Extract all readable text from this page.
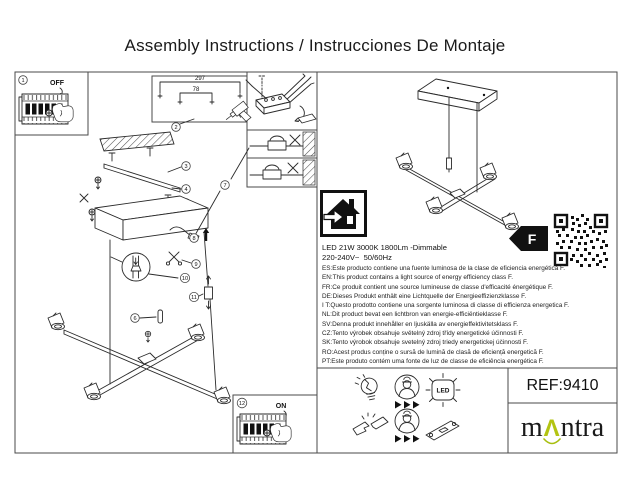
Assembly Instructions / Instrucciones De Montaje
1	OFF
297
78
2
3
4
7
8
10
11
9
6
12	ON
F
LED
LED 21W 3000K 1800Lm -Dimmable
220-240V~  50/60Hz
ES:Este producto contiene una fuente luminosa de la clase de eficiencia energética F.
EN:This product contains a light source of energy efficiency class F.
FR:Ce produit contient une source lumineuse de classe d'efficacité énergétique F.
DE:Dieses Produkt enthält eine Lichtquelle der Energieeffizienzklasse F.
I T:Questo prodotto contiene una sorgente luminosa di classe di efficienza energetica F.
NL:Dit product bevat een lichtbron van energie-efficiëntieklasse F.
SV:Denna produkt innehåller en ljuskälla av energieffektivitetsklass F.
CZ:Tento výrobek obsahuje světelný zdroj třídy energetické účinnosti F.
SK:Tento výrobok obsahuje svetelný zdroj triedy energetickej účinnosti F.
RO:Acest produs conține o sursă de lumină de clasă de eficiență energetică F.
PT:Este produto contém uma fonte de luz de classe de eficiência energética F.
REF:9410
m Λ ntra
